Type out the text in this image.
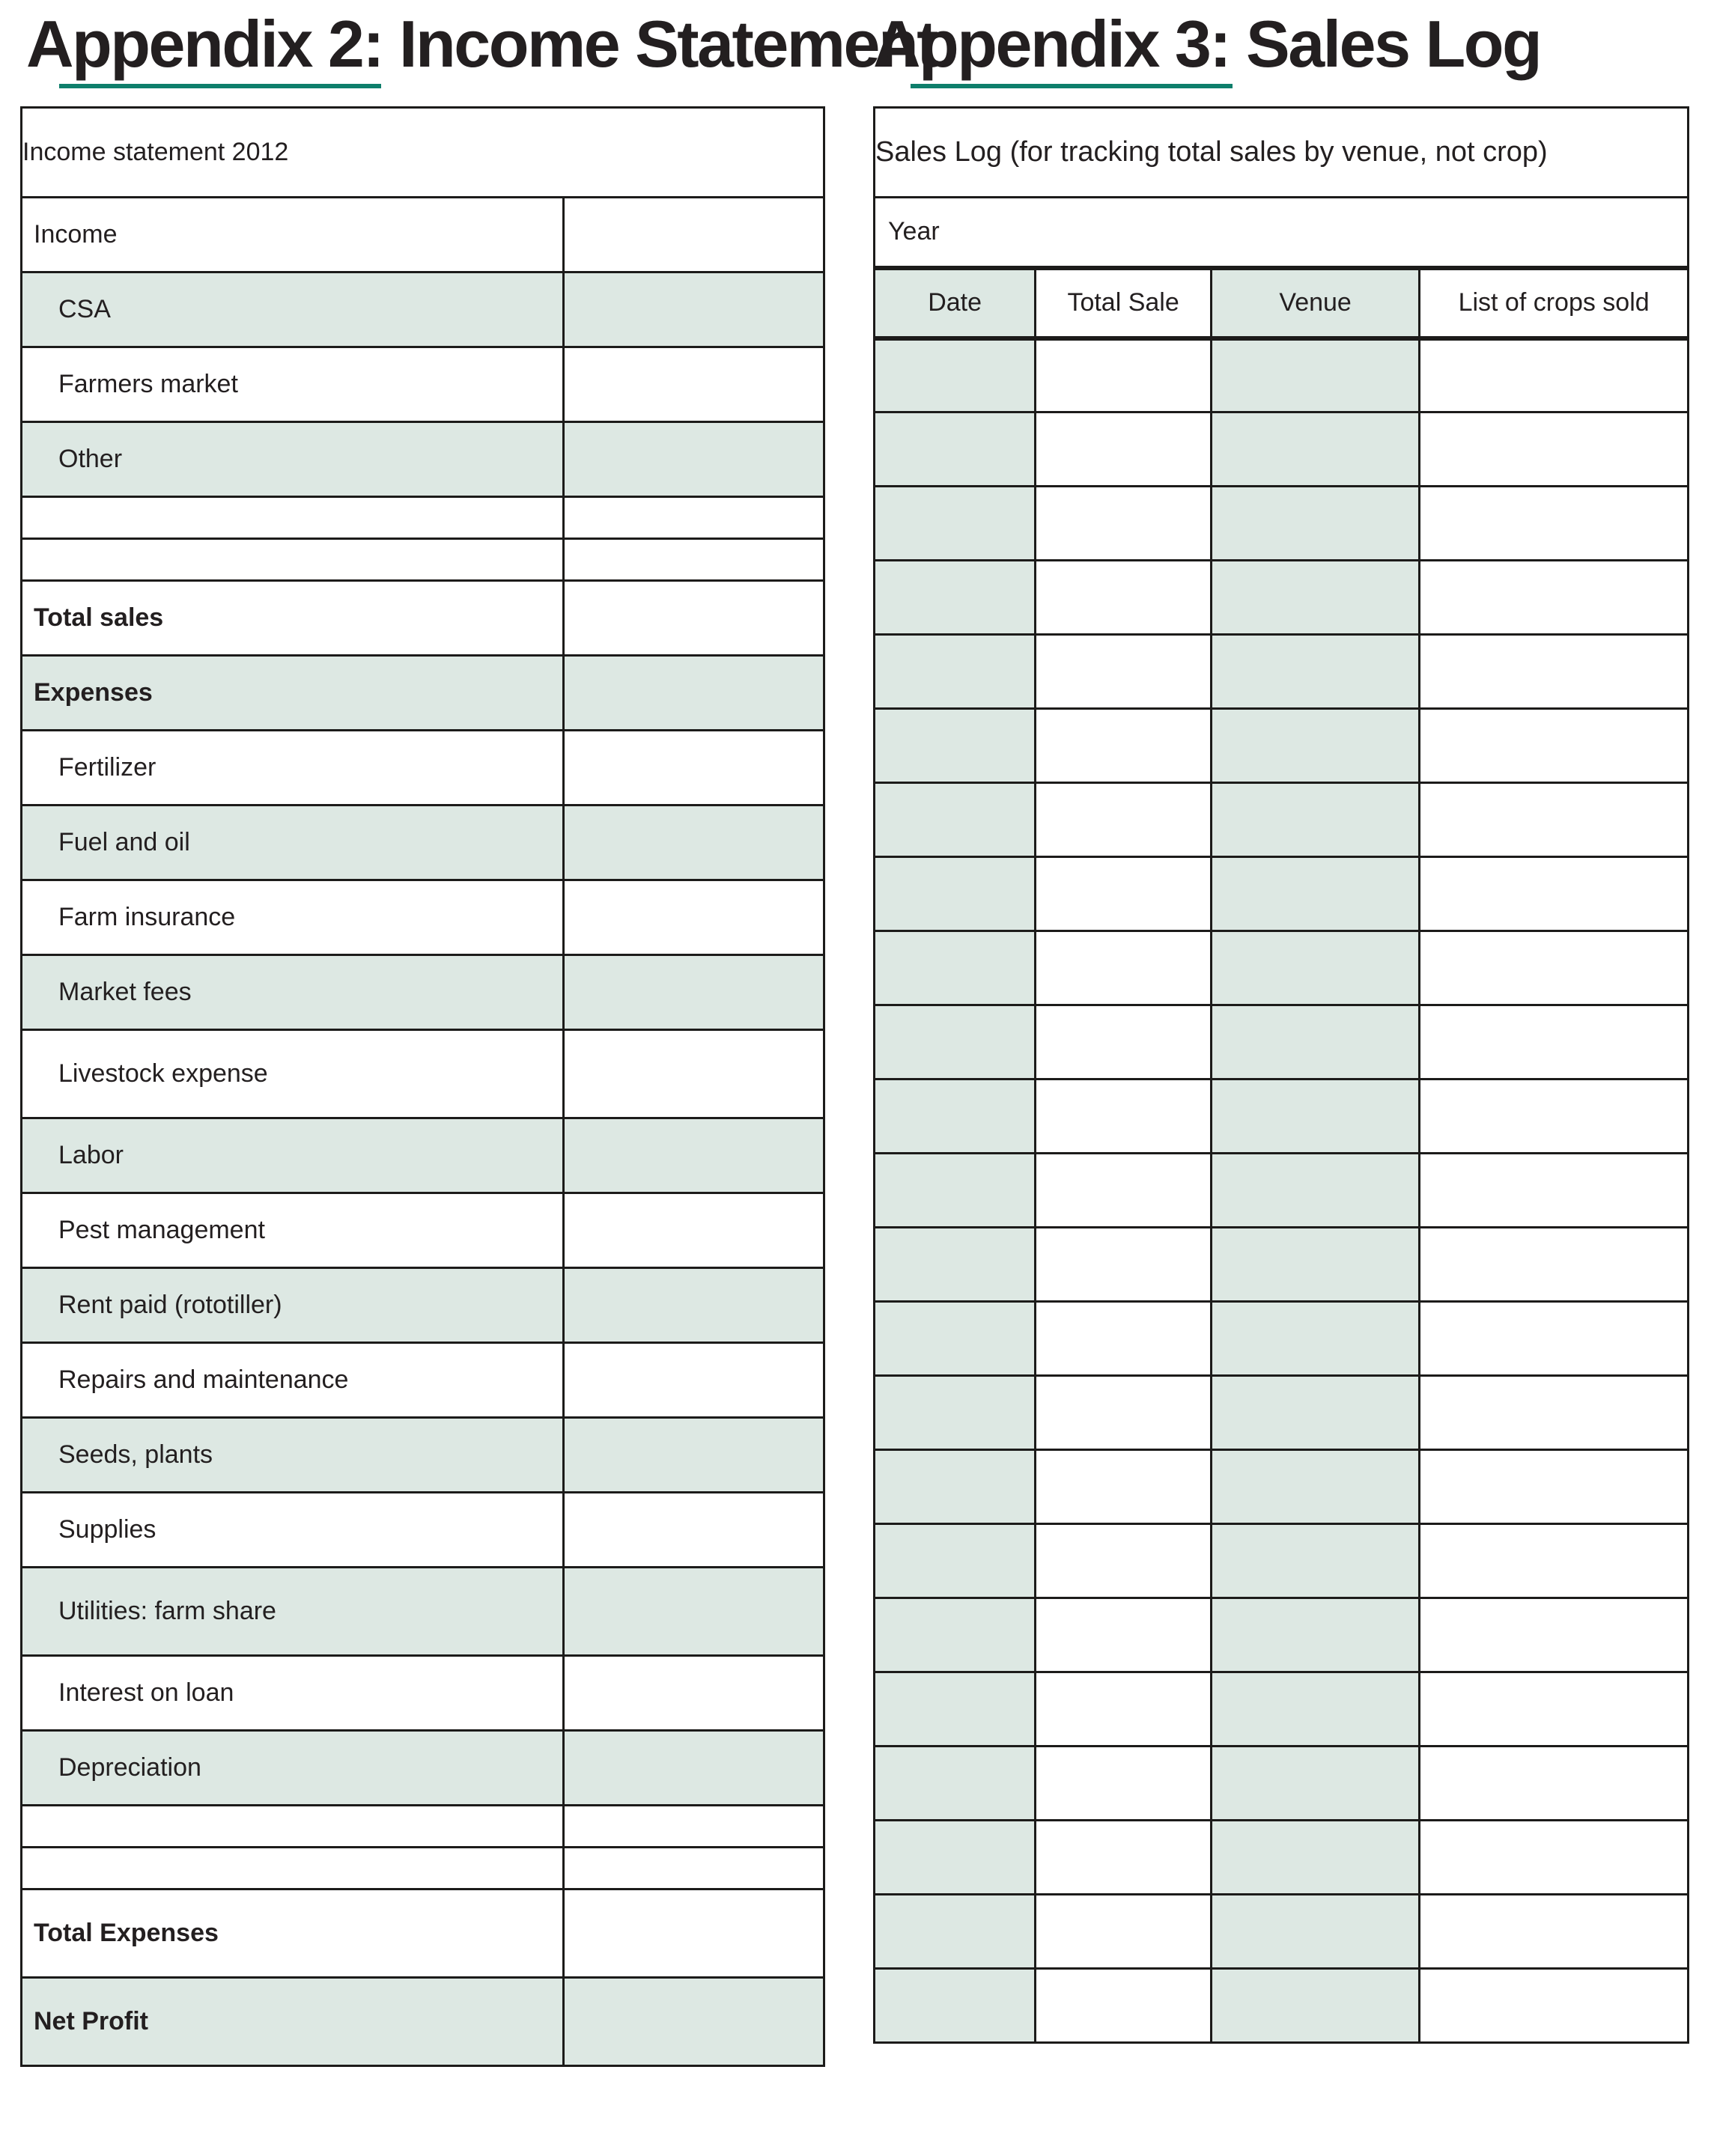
Appendix 2: Income Statement
Income statement 2012	
Income	
CSA	
Farmers market	
Other	

Total sales	
Expenses	
Fertilizer	
Fuel and oil	
Farm insurance	
Market fees	
Livestock expense	
Labor	
Pest management	
Rent paid (rototiller)	
Repairs and maintenance	
Seeds, plants	
Supplies	
Utilities: farm share	
Interest on loan	
Depreciation	

Total Expenses	
Net Profit	
Appendix 3: Sales Log
Sales Log (for tracking total sales by venue, not crop)			
Year			
Date	Total Sale	Venue	List of crops sold
